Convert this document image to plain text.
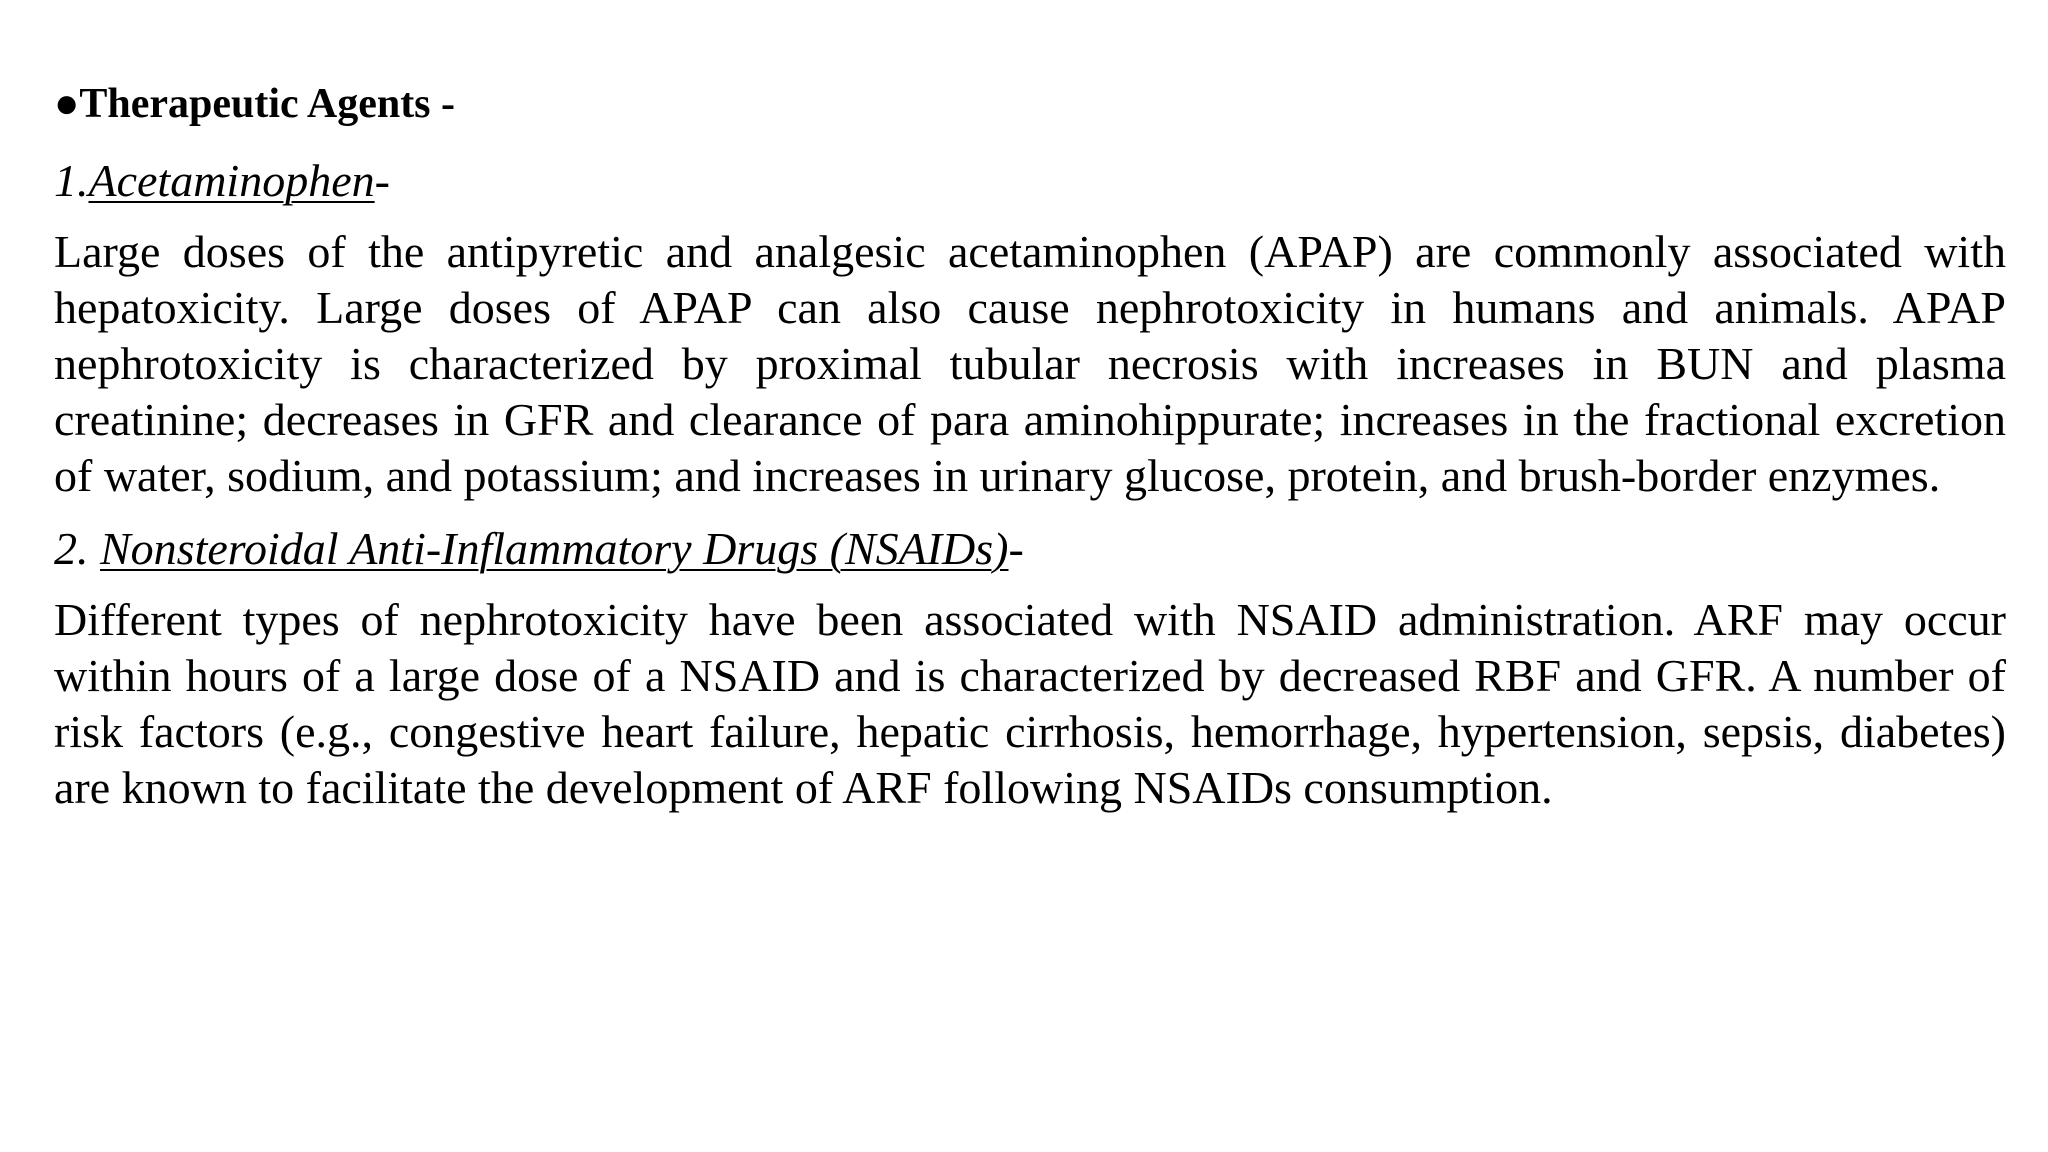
●Therapeutic Agents -
1.Acetaminophen-

Large doses of the antipyretic and analgesic acetaminophen (APAP) are commonly associated with hepatoxicity. Large doses of APAP can also cause nephrotoxicity in humans and animals. APAP nephrotoxicity is characterized by proximal tubular necrosis with increases in BUN and plasma creatinine; decreases in GFR and clearance of para aminohippurate; increases in the fractional excretion of water, sodium, and potassium; and increases in urinary glucose, protein, and brush-border enzymes.

2. Nonsteroidal Anti-Inflammatory Drugs (NSAIDs)-

Different types of nephrotoxicity have been associated with NSAID administration. ARF may occur within hours of a large dose of a NSAID and is characterized by decreased RBF and GFR. A number of risk factors (e.g., congestive heart failure, hepatic cirrhosis, hemorrhage, hypertension, sepsis, diabetes) are known to facilitate the development of ARF following NSAIDs consumption.
